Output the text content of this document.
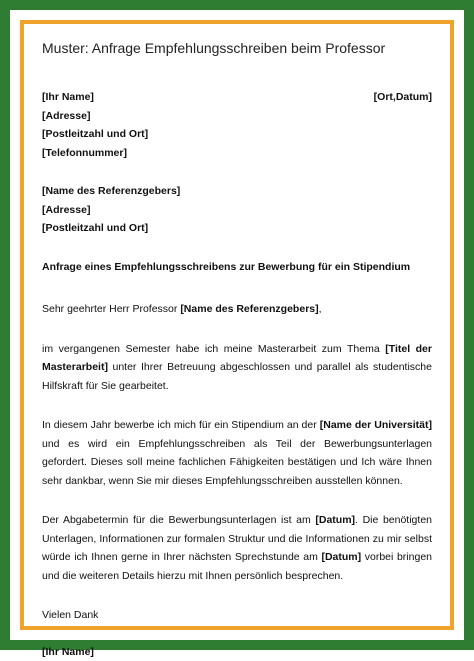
Muster: Anfrage Empfehlungsschreiben beim Professor
[Ihr Name]	[Ort,Datum]
[Adresse]
[Postleitzahl und Ort]
[Telefonnummer]
[Name des Referenzgebers]
[Adresse]
[Postleitzahl und Ort]
Anfrage eines Empfehlungsschreibens zur Bewerbung für ein Stipendium

Sehr geehrter Herr Professor [Name des Referenzgebers],

im vergangenen Semester habe ich meine Masterarbeit zum Thema [Titel der Masterarbeit] unter Ihrer Betreuung abgeschlossen und parallel als studentische Hilfskraft für Sie gearbeitet.

In diesem Jahr bewerbe ich mich für ein Stipendium an der [Name der Universität] und es wird ein Empfehlungsschreiben als Teil der Bewerbungsunterlagen gefordert. Dieses soll meine fachlichen Fähigkeiten bestätigen und Ich wäre Ihnen sehr dankbar, wenn Sie mir dieses Empfehlungsschreiben ausstellen können.

Der Abgabetermin für die Bewerbungsunterlagen ist am [Datum]. Die benötigten Unterlagen, Informationen zur formalen Struktur und die Informationen zu mir selbst würde ich Ihnen gerne in Ihrer nächsten Sprechstunde am [Datum] vorbei bringen und die weiteren Details hierzu mit Ihnen persönlich besprechen.

Vielen Dank

[Ihr Name]
